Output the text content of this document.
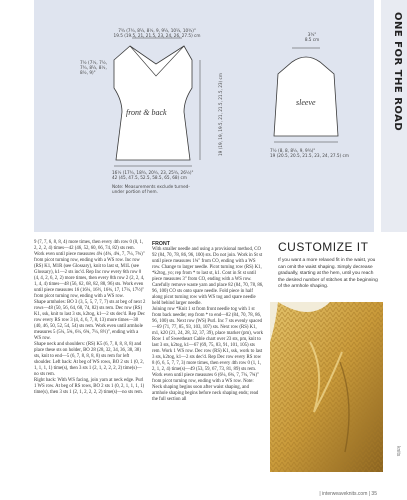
7¾ (7¾, 8¼, 8½, 9, 9¼, 10¼, 10¾)"
19.5 (19.5, 21, 21.5, 23, 24, 26, 27.5) cm
7½ (7½, 7½, 7¾, 8¼, 8½, 8½, 9)"
front & back
sleeve
3¾"
8.5 cm
16½ (17¾, 18¾, 20¾, 23, 25¾, 26½)"
42 (45, 47.5, 52.5, 58.5, 65, 68) cm
Note: Measurements exclude turned-under portion of hem.
7½ (8, 8, 8½, 9, 9¾)"
19 (20.5, 20.5, 21.5, 23, 24, 27.5) cm
19 (19, 19, 19.5, 21, 21.5, 21.5, 23) cm	ONE FOR THE ROAD
knits

9 (7, 7, 6, 8, 8, 4) more times, then every 4th row 0 (0, 1, 2, 2, 2, 4) times—42 (46, 52, 60, 66, 74, 82) sts rem. Work even until piece measures 4¾ (4¾, 4¾, 7, 7¼, 7¾)" from picot turning row, ending with a WS row. Inc row (RS) K1, M1R (see Glossary), knit to last st, M1L (see Glossary), k1—2 sts inc'd. Rep Inc row every 6th row 0 (4, 4, 2, 6, 2, 2) more times, then every 8th row 2 (2, 2, 4, 1, 4, 4) times—48 (56, 62, 68, 82, 88, 96) sts. Work even until piece measures 16 (16¼, 16½, 16¾, 17, 17¼, 17½)" from picot turning row, ending with a WS row.

Shape armholes: BO 3 (3, 5, 5, 7, 7, 7) sts at beg of next 2 rows—48 (50, 56, 64, 68, 74, 82) sts rem. Dec row (RS) K1, ssk, knit to last 3 sts, k2tog, k1—2 sts dec'd. Rep Dec row every RS row 3 (4, 4, 6, 7, 8, 13) more times—38 (40, 46, 50, 52, 54, 54) sts rem. Work even until armhole measures 5 (5¼, 5¾, 6¼, 6¾, 7¼, 8½)", ending with a WS row.

Shape neck and shoulders: (RS) K5 (6, 7, 8, 8, 8, 8) and place these sts on holder, BO 28 (28, 32, 34, 36, 38, 38) sts, knit to end—5 (6, 7, 8, 8, 8, 8) sts rem for left shoulder. Left back: At beg of WS rows, BO 2 sts 1 (0, 2, 1, 1, 1, 1) time(s), then 3 sts 1 (2, 1, 2, 2, 2, 2) time(s)—no sts rem.

Right back: With WS facing, join yarn at neck edge. Purl 1 WS row. At beg of RS rows, BO 2 sts 1 (0, 2, 1, 1, 1, 1) time(s), then 3 sts 1 (2, 1, 2, 2, 2, 2) time(s)—no sts rem.

FRONT

With smaller needle and using a provisional method, CO 92 (84, 70, 78, 86, 96, 100) sts. Do not join. Work in St st until piece measures 1¾" from CO, ending with a WS row. Change to larger needle. Picot turning row (RS) K1, *k2tog, yo; rep from * to last st, k1. Cont in St st until piece measures 3" from CO, ending with a WS row. Carefully remove waste yarn and place 82 (84, 70, 78, 86, 96, 100) CO sts onto spare needle. Fold piece in half along picot turning row with WS tog and spare needle held behind larger needle.

Joining row *Knit 1 st from front needle tog with 1 st from back needle; rep from * to end—82 (84, 70, 78, 86, 96, 100) sts. Next row (WS) Purl. Inc 7 sts evenly spaced—69 (71, 77, 85, 93, 103, 107) sts. Next row (RS) K1, m1, k20 (21, 24, 28, 32, 37, 39), place marker (pm), work Row 1 of Sweetheart Cable chart over 23 sts, pm, knit to last 3 sts, k2tog, k1—67 (69, 75, 83, 91, 101, 105) sts rem. Work 1 WS row. Dec row (RS) K1, ssk, work to last 3 sts, k2tog, k1—2 sts dec'd. Rep Dec row every RS row 8 (6, 6, 5, 7, 7, 3) more times, then every 4th row 0 (1, 1, 2, 1, 2, 4) time(s)—49 (53, 59, 67, 73, 81, 89) sts rem. Work even until piece measures 6 (6¼, 6¾, 7, 7¼, 7¾)" from picot turning row, ending with a WS row. Note: Neck shaping begins soon after waist shaping, and armhole shaping begins before neck shaping ends; read the full section all

CUSTOMIZE IT
If you want a more relaxed fit in the waist, you can omit the waist shaping. Simply decrease gradually, starting at the hem, until you reach the desired number of stitches at the beginning of the armhole shaping.
| interweaveknits.com | 35
